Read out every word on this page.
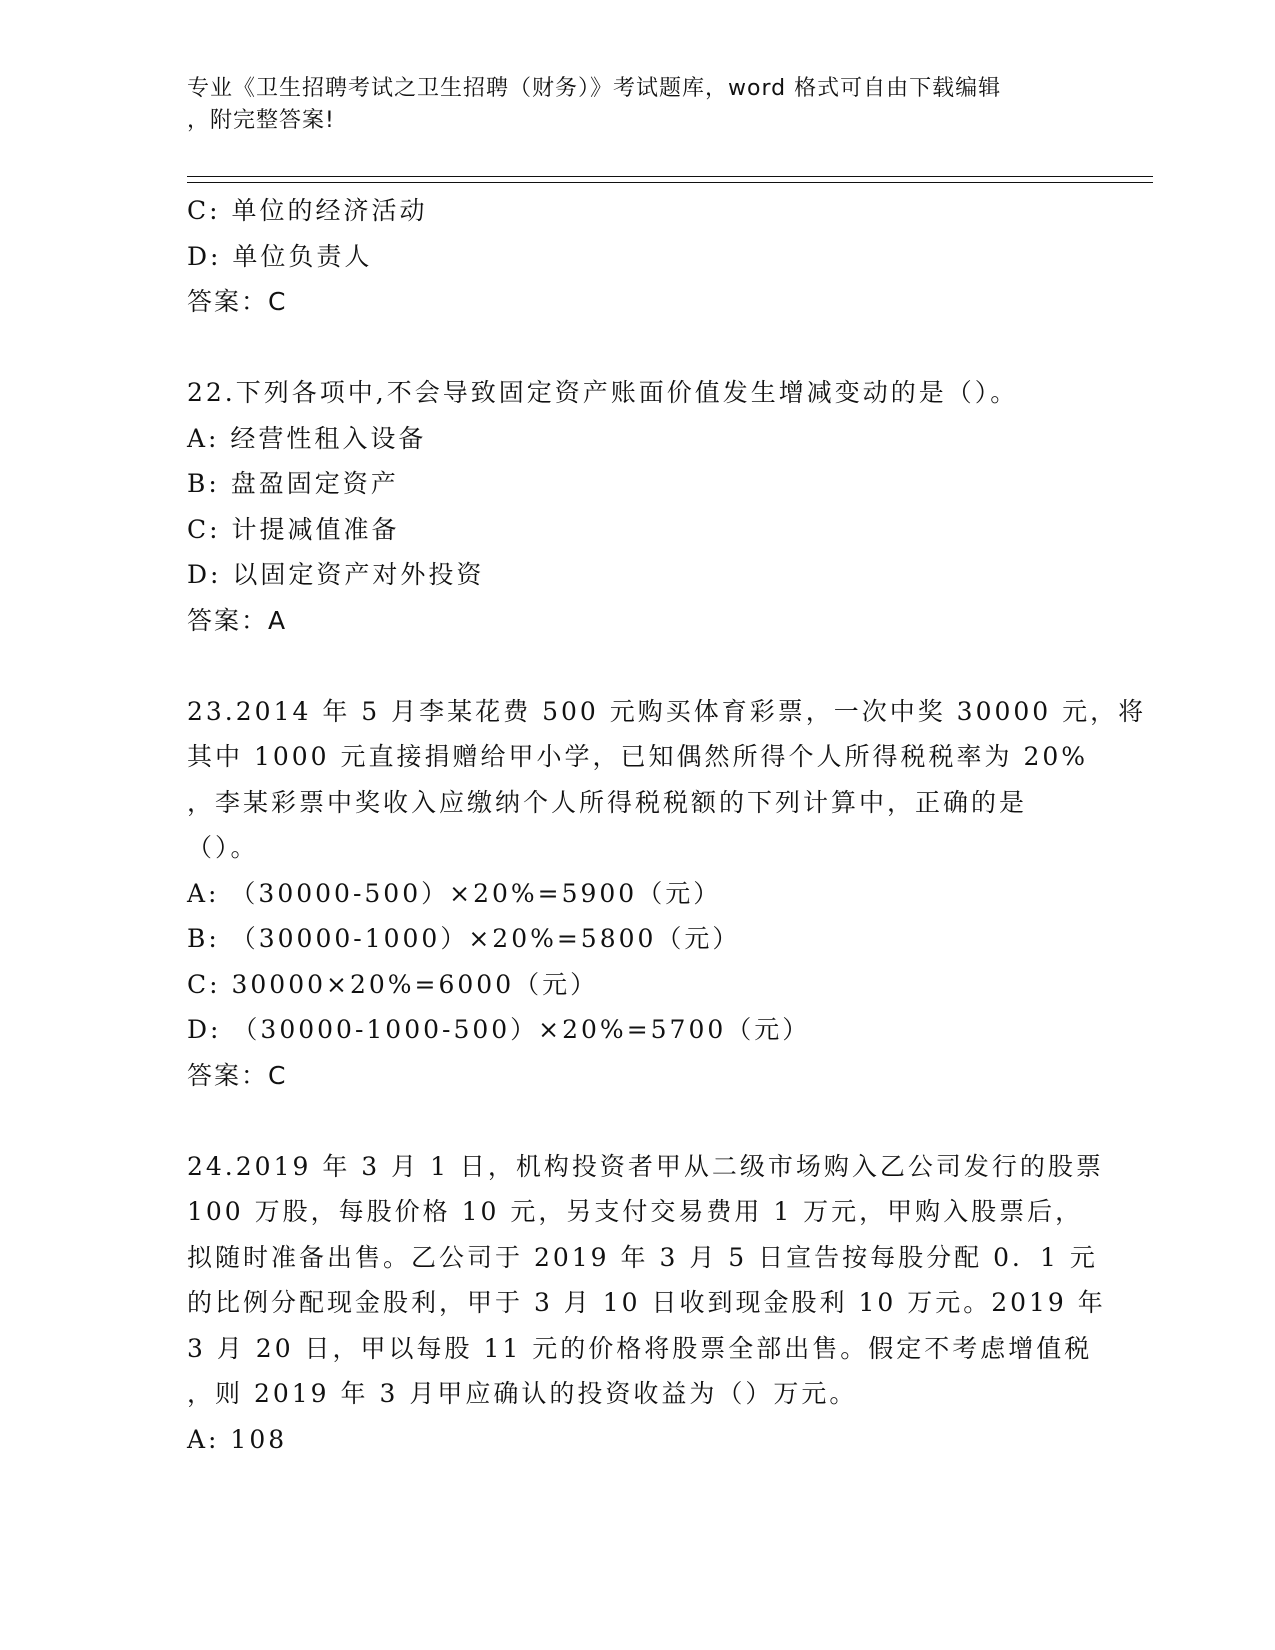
专业《卫生招聘考试之卫生招聘（财务）》考试题库，word 格式可自由下载编辑
，附完整答案!
C: 单位的经济活动
D: 单位负责人
答案：C
22.下列各项中,不会导致固定资产账面价值发生增减变动的是（）。
A: 经营性租入设备
B: 盘盈固定资产
C: 计提减值准备
D: 以固定资产对外投资
答案：A
23.2014 年 5 月李某花费 500 元购买体育彩票，一次中奖 30000 元，将
其中 1000 元直接捐赠给甲小学，已知偶然所得个人所得税税率为 20%
，李某彩票中奖收入应缴纳个人所得税税额的下列计算中，正确的是
（）。
A: （30000-500）×20%=5900（元）
B: （30000-1000）×20%=5800（元）
C: 30000×20%=6000（元）
D: （30000-1000-500）×20%=5700（元）
答案：C
24.2019 年 3 月 1 日，机构投资者甲从二级市场购入乙公司发行的股票
100 万股，每股价格 10 元，另支付交易费用 1 万元，甲购入股票后，
拟随时准备出售。乙公司于 2019 年 3 月 5 日宣告按每股分配 0．1 元
的比例分配现金股利，甲于 3 月 10 日收到现金股利 10 万元。2019 年
3 月 20 日，甲以每股 11 元的价格将股票全部出售。假定不考虑增值税
，则 2019 年 3 月甲应确认的投资收益为（）万元。
A: 108
